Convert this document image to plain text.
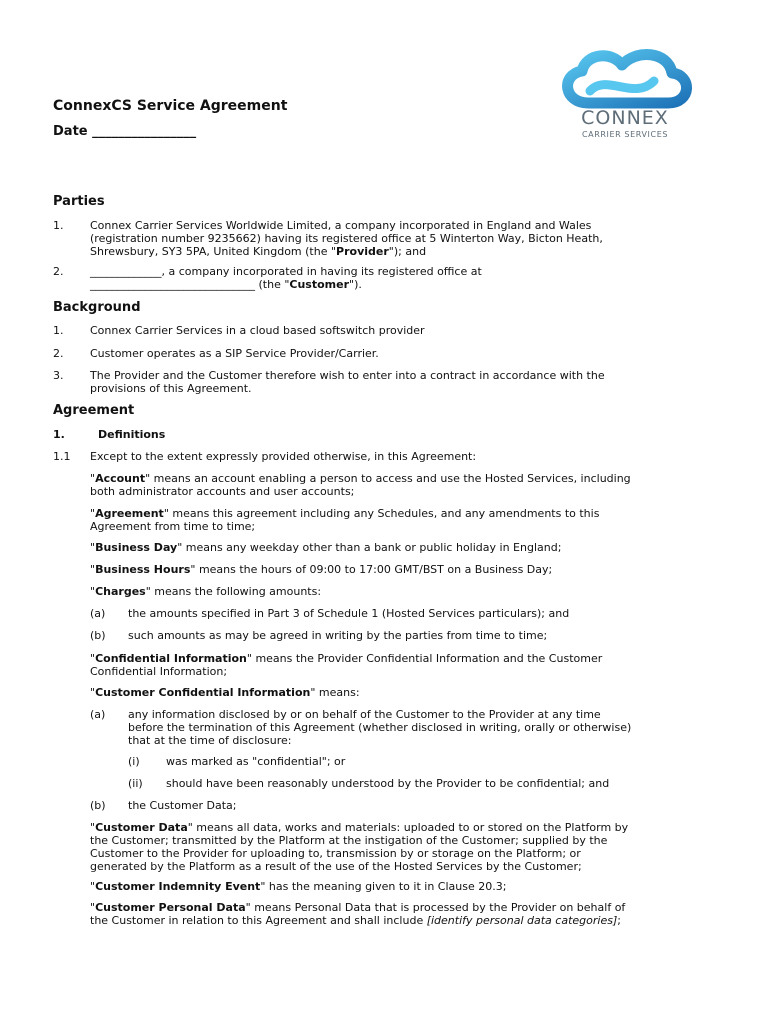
CONNEX
CARRIER SERVICES
ConnexCS Service Agreement
Date ________________
Parties
1. Connex Carrier Services Worldwide Limited, a company incorporated in England and Wales
(registration number 9235662) having its registered office at 5 Winterton Way, Bicton Heath,
Shrewsbury, SY3 5PA, United Kingdom (the "Provider"); and
2. _____________, a company incorporated in having its registered office at
______________________________ (the "Customer").
Background
1. Connex Carrier Services in a cloud based softswitch provider
2. Customer operates as a SIP Service Provider/Carrier.
3. The Provider and the Customer therefore wish to enter into a contract in accordance with the
provisions of this Agreement.
Agreement
1.	Definitions
1.1 Except to the extent expressly provided otherwise, in this Agreement:
"Account" means an account enabling a person to access and use the Hosted Services, including
both administrator accounts and user accounts;
"Agreement" means this agreement including any Schedules, and any amendments to this
Agreement from time to time;
"Business Day" means any weekday other than a bank or public holiday in England;
"Business Hours" means the hours of 09:00 to 17:00 GMT/BST on a Business Day;
"Charges" means the following amounts:
(a) the amounts specified in Part 3 of Schedule 1 (Hosted Services particulars); and
(b) such amounts as may be agreed in writing by the parties from time to time;
"Confidential Information" means the Provider Confidential Information and the Customer
Confidential Information;
"Customer Confidential Information" means:
(a) any information disclosed by or on behalf of the Customer to the Provider at any time
before the termination of this Agreement (whether disclosed in writing, orally or otherwise)
that at the time of disclosure:
(i) was marked as "confidential"; or
(ii) should have been reasonably understood by the Provider to be confidential; and
(b) the Customer Data;
"Customer Data" means all data, works and materials: uploaded to or stored on the Platform by
the Customer; transmitted by the Platform at the instigation of the Customer; supplied by the
Customer to the Provider for uploading to, transmission by or storage on the Platform; or
generated by the Platform as a result of the use of the Hosted Services by the Customer;
"Customer Indemnity Event" has the meaning given to it in Clause 20.3;
"Customer Personal Data" means Personal Data that is processed by the Provider on behalf of
the Customer in relation to this Agreement and shall include [identify personal data categories];
